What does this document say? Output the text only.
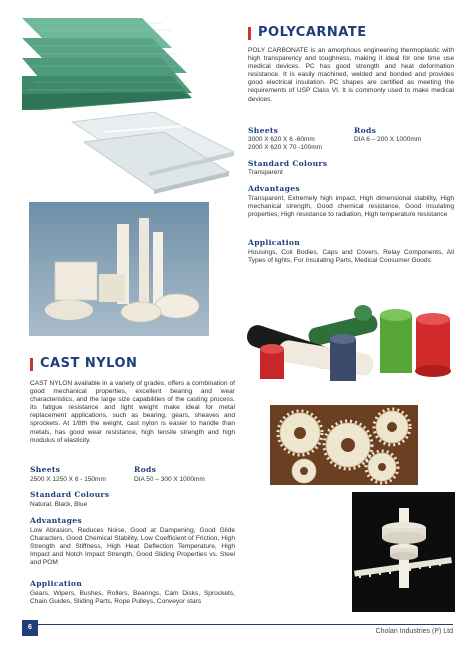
POLYCARNATE
POLY CARBONATE is an amorphous engineering thermoplastic with high transparency and toughness, making it ideal for one time use medical devices. PC has good strength and heat deformation resistance. It is easily machined, welded and bonded and provides good electrical insulation. PC shapes are certified as meeting the requirements of USP Class VI. It is commonly used to make medical devices.
Sheets
3000 X 620 X 6 -60mm
2000 X 620 X 70 -100mm
Rods
DIA 6 – 200 X 1000mm
Standard Colours
Transparent
Advantages
Transparent, Extremely high impact, High dimensional stability, High mechanical strength, Good chemical resistance, Good insulating properties, High resistance to radiation, High temperature resistance
Application
Housings, Coil Bodies, Caps and Covers, Relay Components, All Types of lights, For Insulating Parts, Medical Consumer Goods
CAST NYLON
CAST NYLON available in a variety of grades, offers a combination of good mechanical properties, excellent bearing and wear characteristics, and the large size capabilities of the casting process. Its fatigue resistance and light weight make ideal for metal replacement applications, such as bearing, gears, sheaves and sprockets. At 1/8th the weight, cast nylon is easier to handle than metals, has good wear resistance, high tensile strength and high modulus of elasticity.
Sheets
2500 X 1250 X 6 - 150mm
Rods
DIA 50 – 300 X 1000mm
Standard Colours
Natural, Black, Blue
Advantages
Low Abrasion, Reduces Noise, Good at Dampening, Good Glide Characters, Good Chemical Stability, Low Coefficient of Friction, High Strength and Stiffness, High Heat Deflection Temperature, High Impact and Notch Impact Strength, Good Sliding Properties vs. Steel and POM
Application
Gears, Wipers, Bushes, Rollers, Bearings, Cam Disks, Sprockets, Chain Guides, Sliding Parts, Rope Pulleys, Conveyor stars
6
Cholan Industries (P) Ltd
